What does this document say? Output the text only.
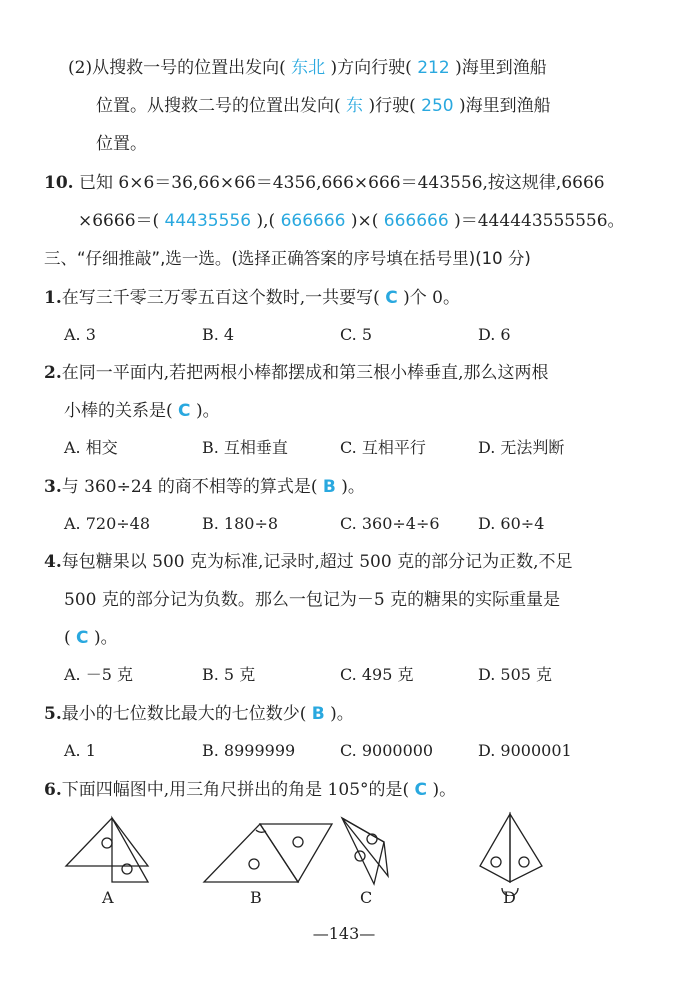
(2)从搜救一号的位置出发向( 东北 )方向行驶( 212 )海里到渔船
位置。从搜救二号的位置出发向( 东 )行驶( 250 )海里到渔船
位置。
10. 已知 6×6＝36,66×66＝4356,666×666＝443556,按这规律,6666
×6666＝( 44435556 ),( 666666 )×( 666666 )＝444443555556。
三、“仔细推敲”,选一选。(选择正确答案的序号填在括号里)(10 分)
1.在写三千零三万零五百这个数时,一共要写( C )个 0。
A. 3	B. 4	C. 5	D. 6
2.在同一平面内,若把两根小棒都摆成和第三根小棒垂直,那么这两根
小棒的关系是( C )。
A. 相交	B. 互相垂直	C. 互相平行	D. 无法判断
3.与 360÷24 的商不相等的算式是( B )。
A. 720÷48	B. 180÷8	C. 360÷4÷6 D. 60÷4
4.每包糖果以 500 克为标准,记录时,超过 500 克的部分记为正数,不足
500 克的部分记为负数。那么一包记为－5 克的糖果的实际重量是
( C )。
A. －5 克	B. 5 克	C. 495 克	D. 505 克
5.最小的七位数比最大的七位数少( B )。
A. 1	B. 8999999	C. 9000000	D. 9000001
6.下面四幅图中,用三角尺拼出的角是 105°的是( C )。
A	B	C	D
—143—
